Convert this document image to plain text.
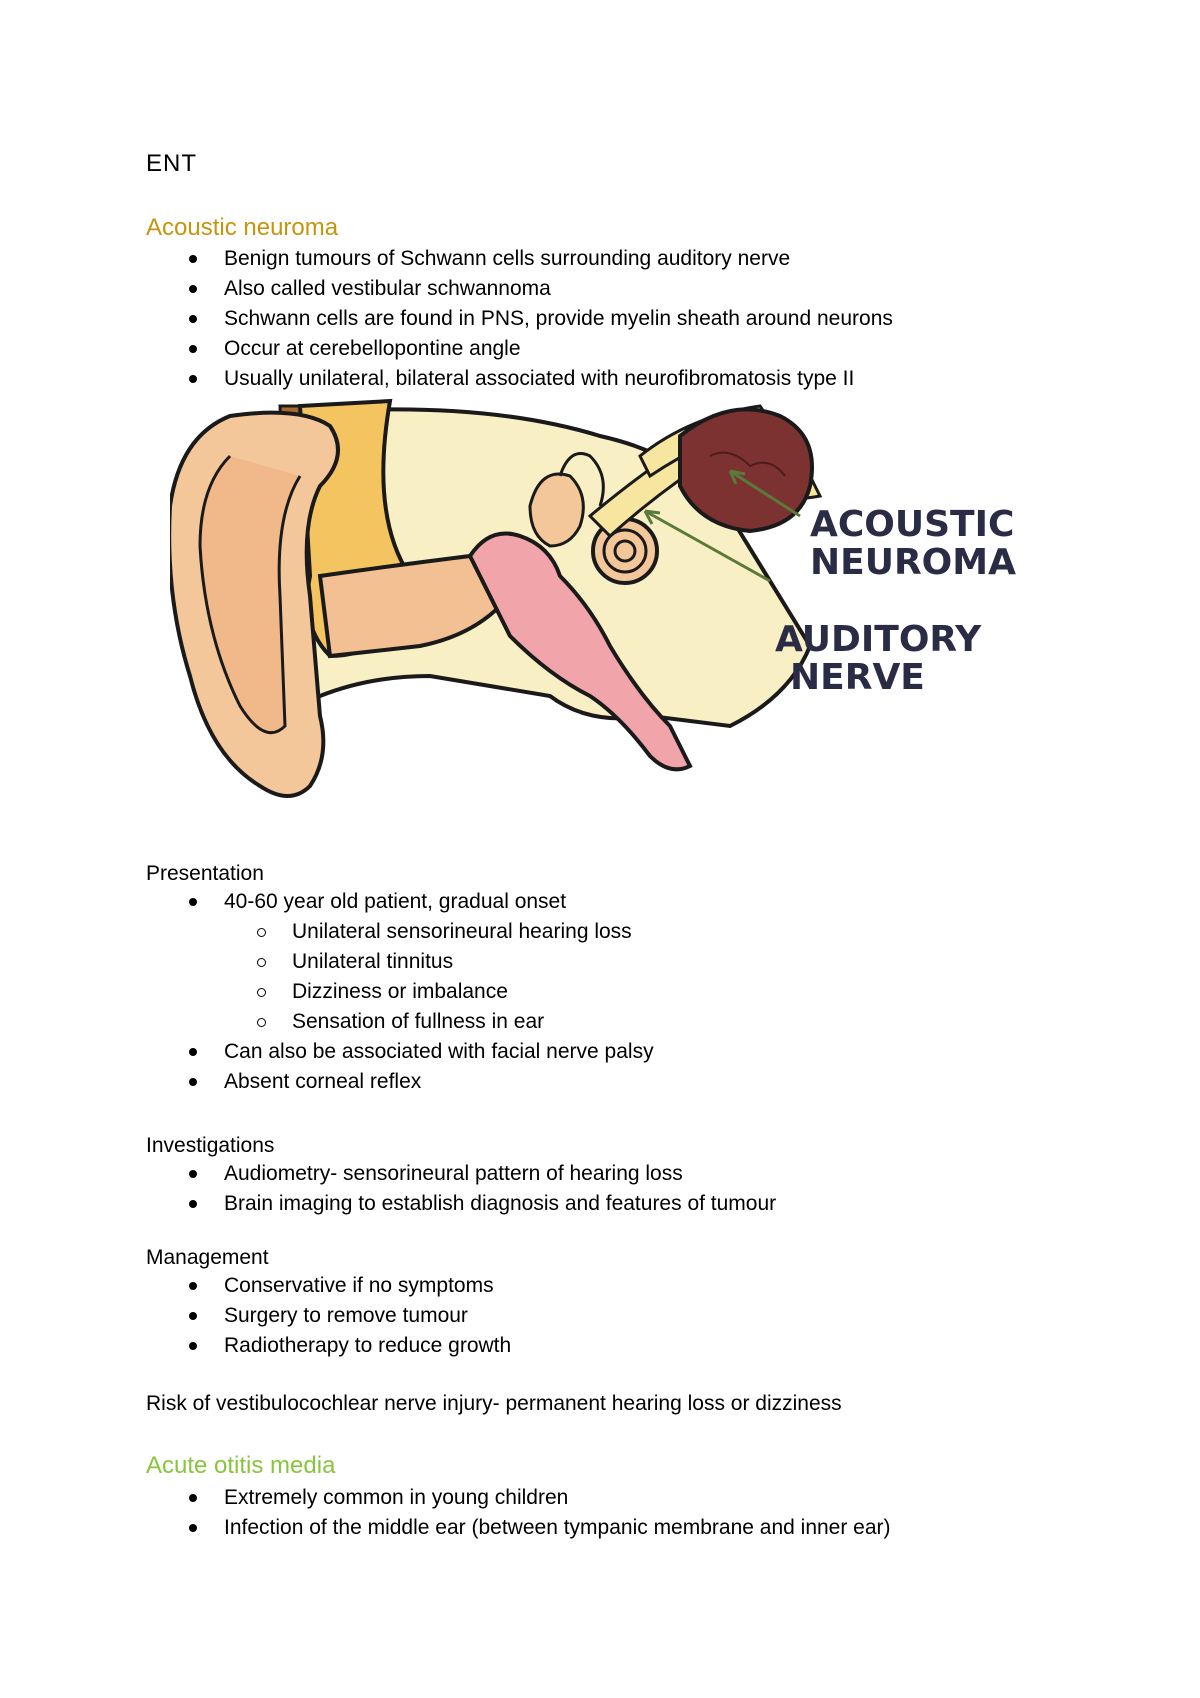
ENT
Acoustic neuroma
Benign tumours of Schwann cells surrounding auditory nerve
Also called vestibular schwannoma
Schwann cells are found in PNS, provide myelin sheath around neurons
Occur at cerebellopontine angle
Usually unilateral, bilateral associated with neurofibromatosis type II
ACOUSTIC
NEUROMA
AUDITORY
NERVE
Presentation
40-60 year old patient, gradual onset
Unilateral sensorineural hearing loss
Unilateral tinnitus
Dizziness or imbalance
Sensation of fullness in ear
Can also be associated with facial nerve palsy
Absent corneal reflex
Investigations
Audiometry- sensorineural pattern of hearing loss
Brain imaging to establish diagnosis and features of tumour
Management
Conservative if no symptoms
Surgery to remove tumour
Radiotherapy to reduce growth
Risk of vestibulocochlear nerve injury- permanent hearing loss or dizziness
Acute otitis media
Extremely common in young children
Infection of the middle ear (between tympanic membrane and inner ear)
